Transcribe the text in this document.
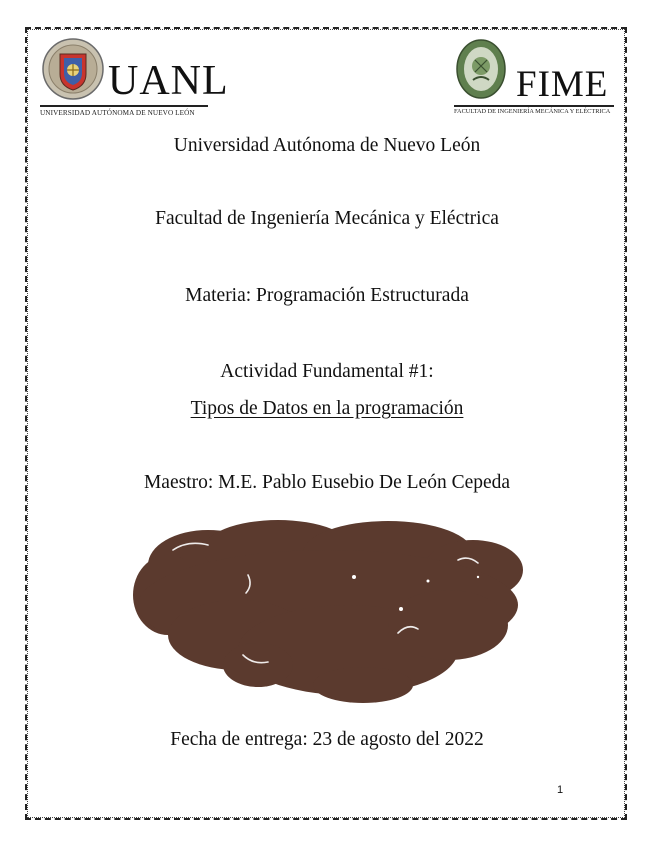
UANL
UNIVERSIDAD AUTÓNOMA DE NUEVO LEÓN
FIME
FACULTAD DE INGENIERÍA MECÁNICA Y ELÉCTRICA
Universidad Autónoma de Nuevo León
Facultad de Ingeniería Mecánica y Eléctrica
Materia: Programación Estructurada
Actividad Fundamental #1:
Tipos de Datos en la programación
Maestro: M.E. Pablo Eusebio De León Cepeda
Fecha de entrega: 23 de agosto del 2022
1
